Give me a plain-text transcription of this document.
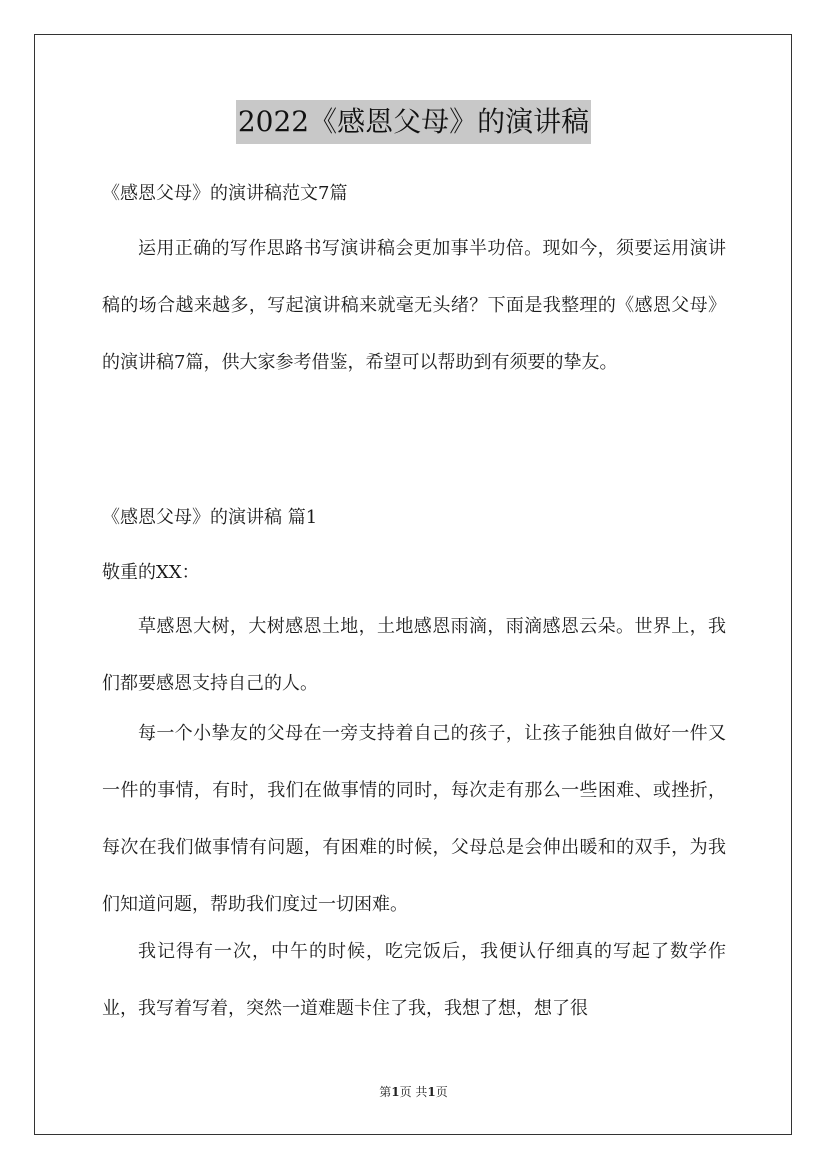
2022《感恩父母》的演讲稿
《感恩父母》的演讲稿范文7篇

运用正确的写作思路书写演讲稿会更加事半功倍。现如今，须要运用演讲稿的场合越来越多，写起演讲稿来就毫无头绪？下面是我整理的《感恩父母》的演讲稿7篇，供大家参考借鉴，希望可以帮助到有须要的挚友。

《感恩父母》的演讲稿 篇1
敬重的XX：

草感恩大树，大树感恩土地，土地感恩雨滴，雨滴感恩云朵。世界上，我们都要感恩支持自己的人。

每一个小挚友的父母在一旁支持着自己的孩子，让孩子能独自做好一件又一件的事情，有时，我们在做事情的同时，每次走有那么一些困难、或挫折，每次在我们做事情有问题，有困难的时候，父母总是会伸出暖和的双手，为我们知道问题，帮助我们度过一切困难。

我记得有一次，中午的时候，吃完饭后，我便认仔细真的写起了数学作业，我写着写着，突然一道难题卡住了我，我想了想，想了很

第1页 共1页
